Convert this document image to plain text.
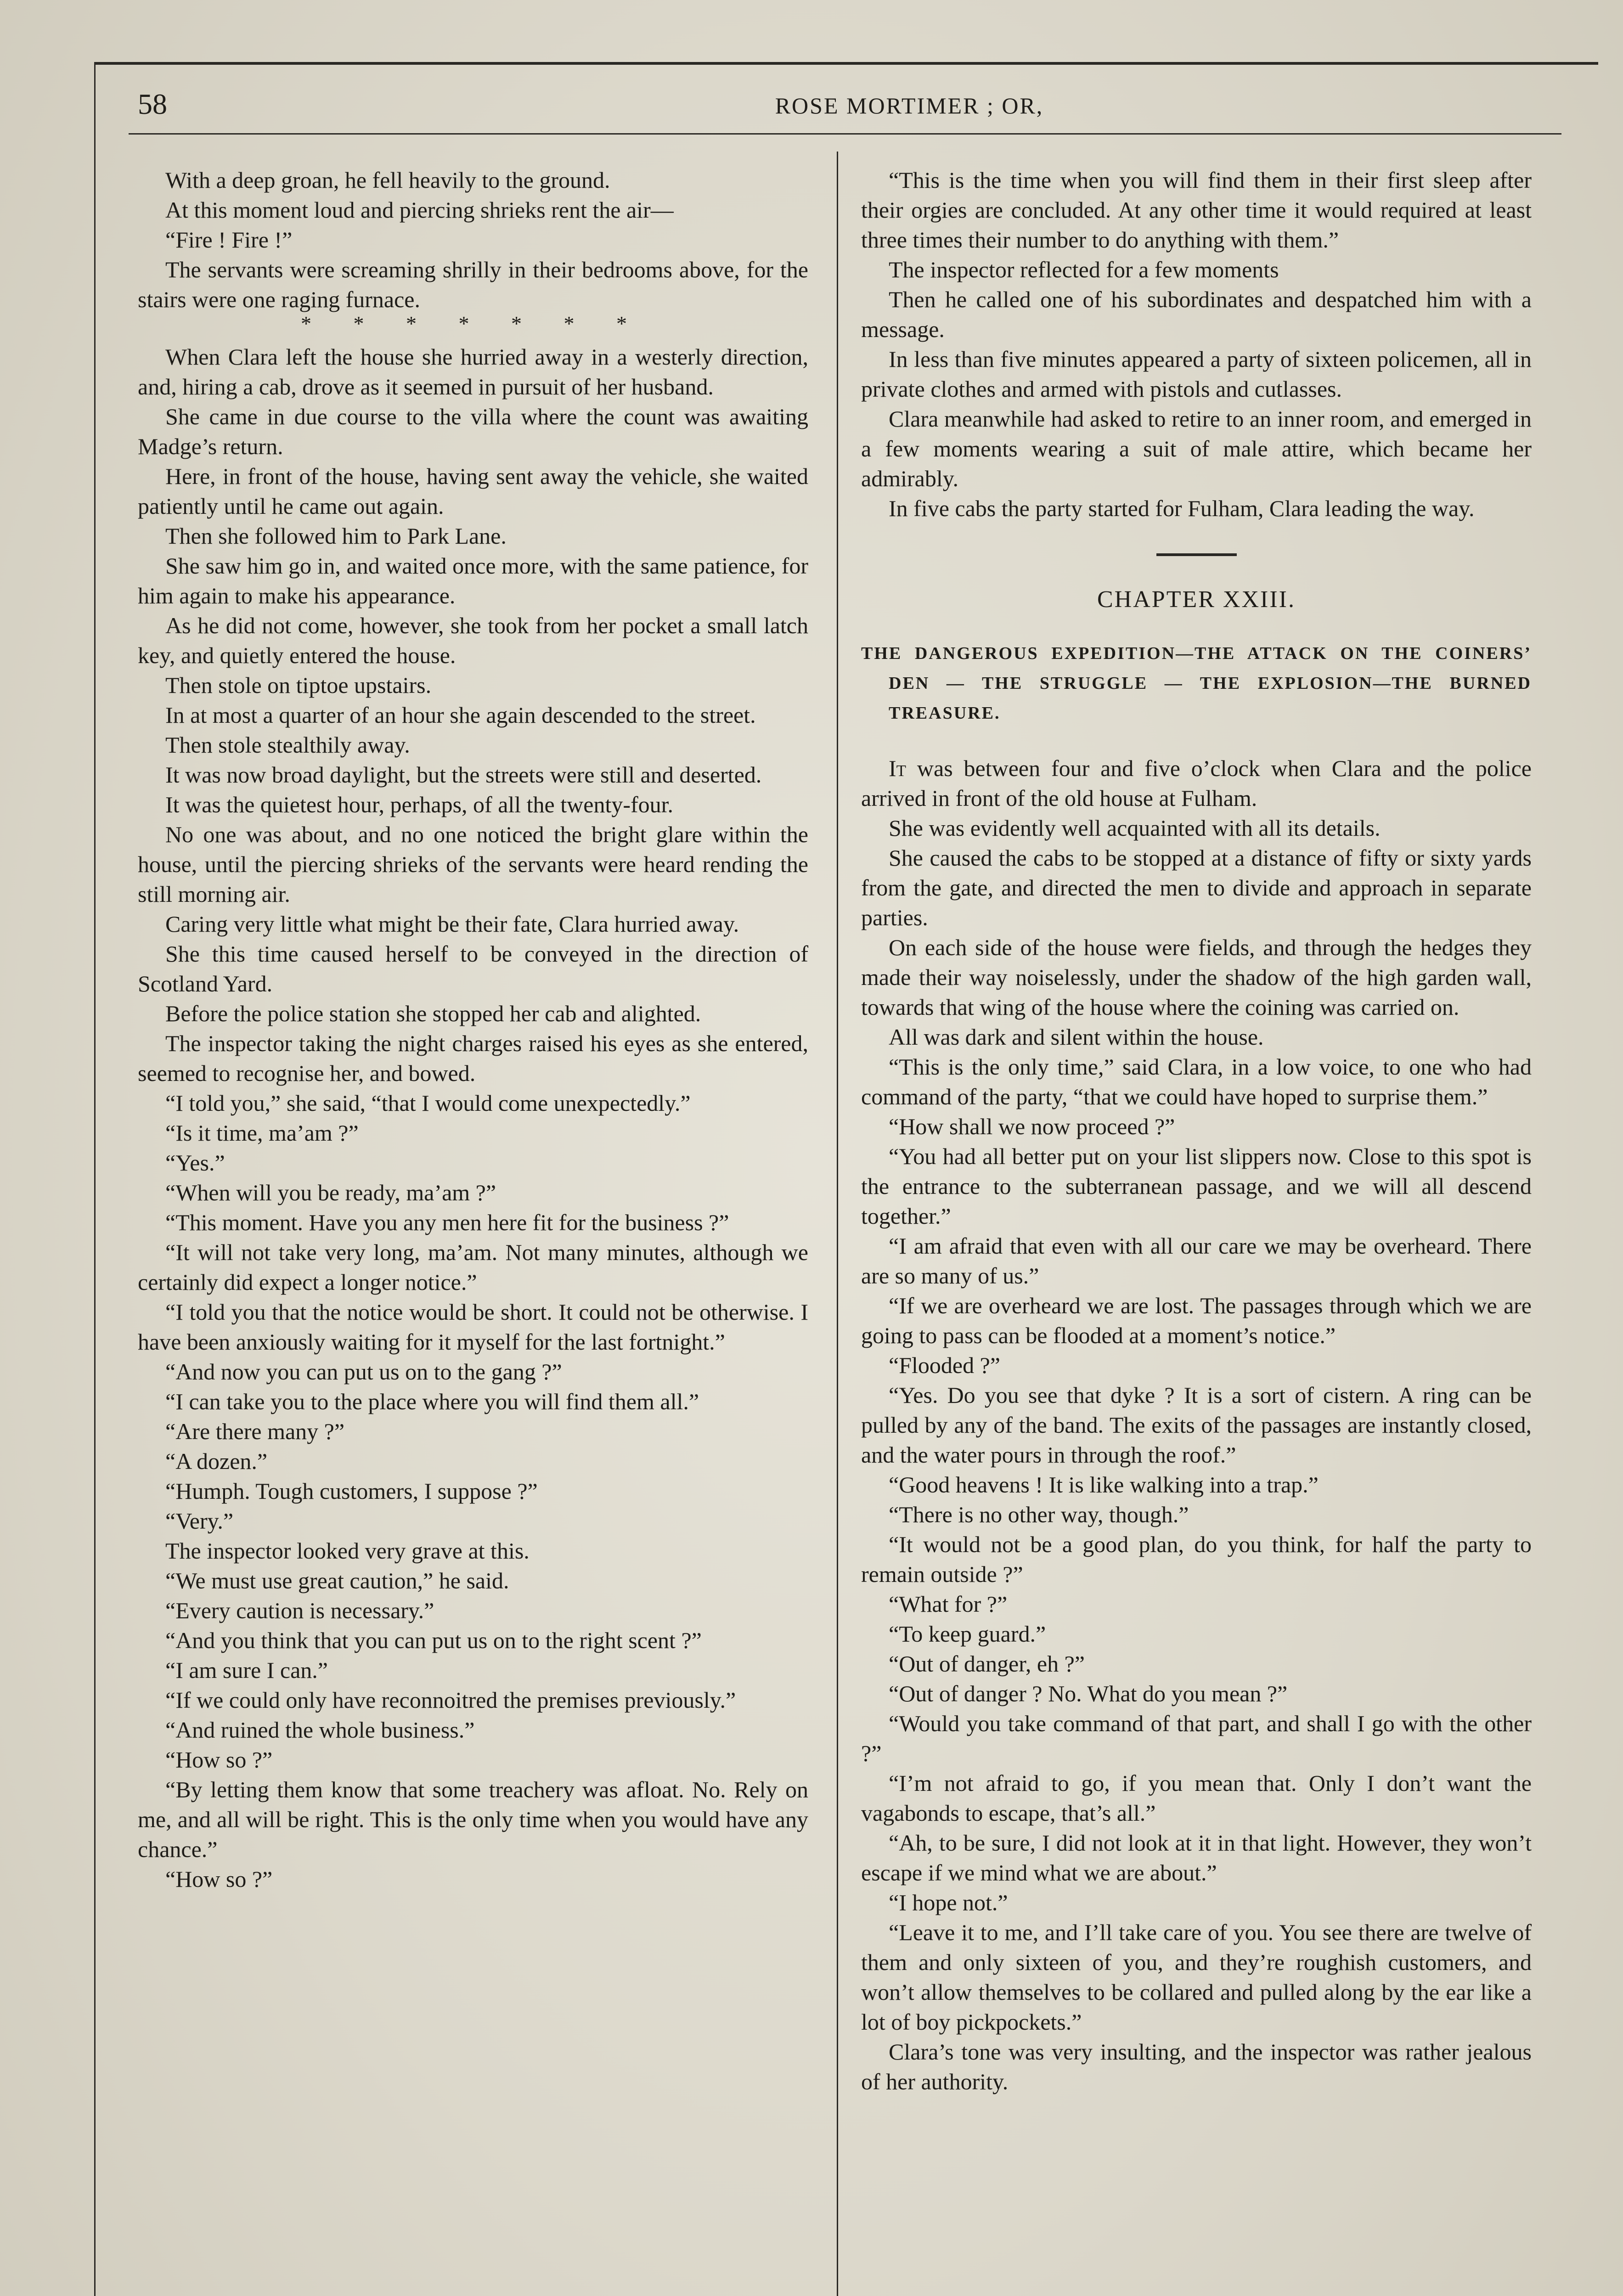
58	ROSE MORTIMER ; OR,

With a deep groan, he fell heavily to the ground.

At this moment loud and piercing shrieks rent the air—

“Fire ! Fire !”

The servants were screaming shrilly in their bedrooms above, for the stairs were one raging furnace.

* * * * * * *

When Clara left the house she hurried away in a westerly direction, and, hiring a cab, drove as it seemed in pursuit of her husband.

She came in due course to the villa where the count was awaiting Madge’s return.

Here, in front of the house, having sent away the vehicle, she waited patiently until he came out again.

Then she followed him to Park Lane.

She saw him go in, and waited once more, with the same patience, for him again to make his appearance.

As he did not come, however, she took from her pocket a small latch key, and quietly entered the house.

Then stole on tiptoe upstairs.

In at most a quarter of an hour she again descended to the street.

Then stole stealthily away.

It was now broad daylight, but the streets were still and deserted.

It was the quietest hour, perhaps, of all the twenty-four.

No one was about, and no one noticed the bright glare within the house, until the piercing shrieks of the servants were heard rending the still morning air.

Caring very little what might be their fate, Clara hurried away.

She this time caused herself to be conveyed in the direction of Scotland Yard.

Before the police station she stopped her cab and alighted.

The inspector taking the night charges raised his eyes as she entered, seemed to recognise her, and bowed.

“I told you,” she said, “that I would come unexpectedly.”

“Is it time, ma’am ?”

“Yes.”

“When will you be ready, ma’am ?”

“This moment. Have you any men here fit for the business ?”

“It will not take very long, ma’am. Not many minutes, although we certainly did expect a longer notice.”

“I told you that the notice would be short. It could not be otherwise. I have been anxiously waiting for it myself for the last fortnight.”

“And now you can put us on to the gang ?”

“I can take you to the place where you will find them all.”

“Are there many ?”

“A dozen.”

“Humph. Tough customers, I suppose ?”

“Very.”

The inspector looked very grave at this.

“We must use great caution,” he said.

“Every caution is necessary.”

“And you think that you can put us on to the right scent ?”

“I am sure I can.”

“If we could only have reconnoitred the premises previously.”

“And ruined the whole business.”

“How so ?”

“By letting them know that some treachery was afloat. No. Rely on me, and all will be right. This is the only time when you would have any chance.”

“How so ?”

“This is the time when you will find them in their first sleep after their orgies are concluded. At any other time it would required at least three times their number to do anything with them.”

The inspector reflected for a few moments

Then he called one of his subordinates and despatched him with a message.

In less than five minutes appeared a party of sixteen policemen, all in private clothes and armed with pistols and cutlasses.

Clara meanwhile had asked to retire to an inner room, and emerged in a few moments wearing a suit of male attire, which became her admirably.

In five cabs the party started for Fulham, Clara leading the way.

CHAPTER XXIII.
THE DANGEROUS EXPEDITION—THE ATTACK ON THE COINERS’ DEN — THE STRUGGLE — THE EXPLOSION—THE BURNED TREASURE.

It was between four and five o’clock when Clara and the police arrived in front of the old house at Fulham.

She was evidently well acquainted with all its details.

She caused the cabs to be stopped at a distance of fifty or sixty yards from the gate, and directed the men to divide and approach in separate parties.

On each side of the house were fields, and through the hedges they made their way noiselessly, under the shadow of the high garden wall, towards that wing of the house where the coining was carried on.

All was dark and silent within the house.

“This is the only time,” said Clara, in a low voice, to one who had command of the party, “that we could have hoped to surprise them.”

“How shall we now proceed ?”

“You had all better put on your list slippers now. Close to this spot is the entrance to the subterranean passage, and we will all descend together.”

“I am afraid that even with all our care we may be overheard. There are so many of us.”

“If we are overheard we are lost. The passages through which we are going to pass can be flooded at a moment’s notice.”

“Flooded ?”

“Yes. Do you see that dyke ? It is a sort of cistern. A ring can be pulled by any of the band. The exits of the passages are instantly closed, and the water pours in through the roof.”

“Good heavens ! It is like walking into a trap.”

“There is no other way, though.”

“It would not be a good plan, do you think, for half the party to remain outside ?”

“What for ?”

“To keep guard.”

“Out of danger, eh ?”

“Out of danger ? No. What do you mean ?”

“Would you take command of that part, and shall I go with the other ?”

“I’m not afraid to go, if you mean that. Only I don’t want the vagabonds to escape, that’s all.”

“Ah, to be sure, I did not look at it in that light. However, they won’t escape if we mind what we are about.”

“I hope not.”

“Leave it to me, and I’ll take care of you. You see there are twelve of them and only sixteen of you, and they’re roughish customers, and won’t allow themselves to be collared and pulled along by the ear like a lot of boy pickpockets.”

Clara’s tone was very insulting, and the inspector was rather jealous of her authority.
